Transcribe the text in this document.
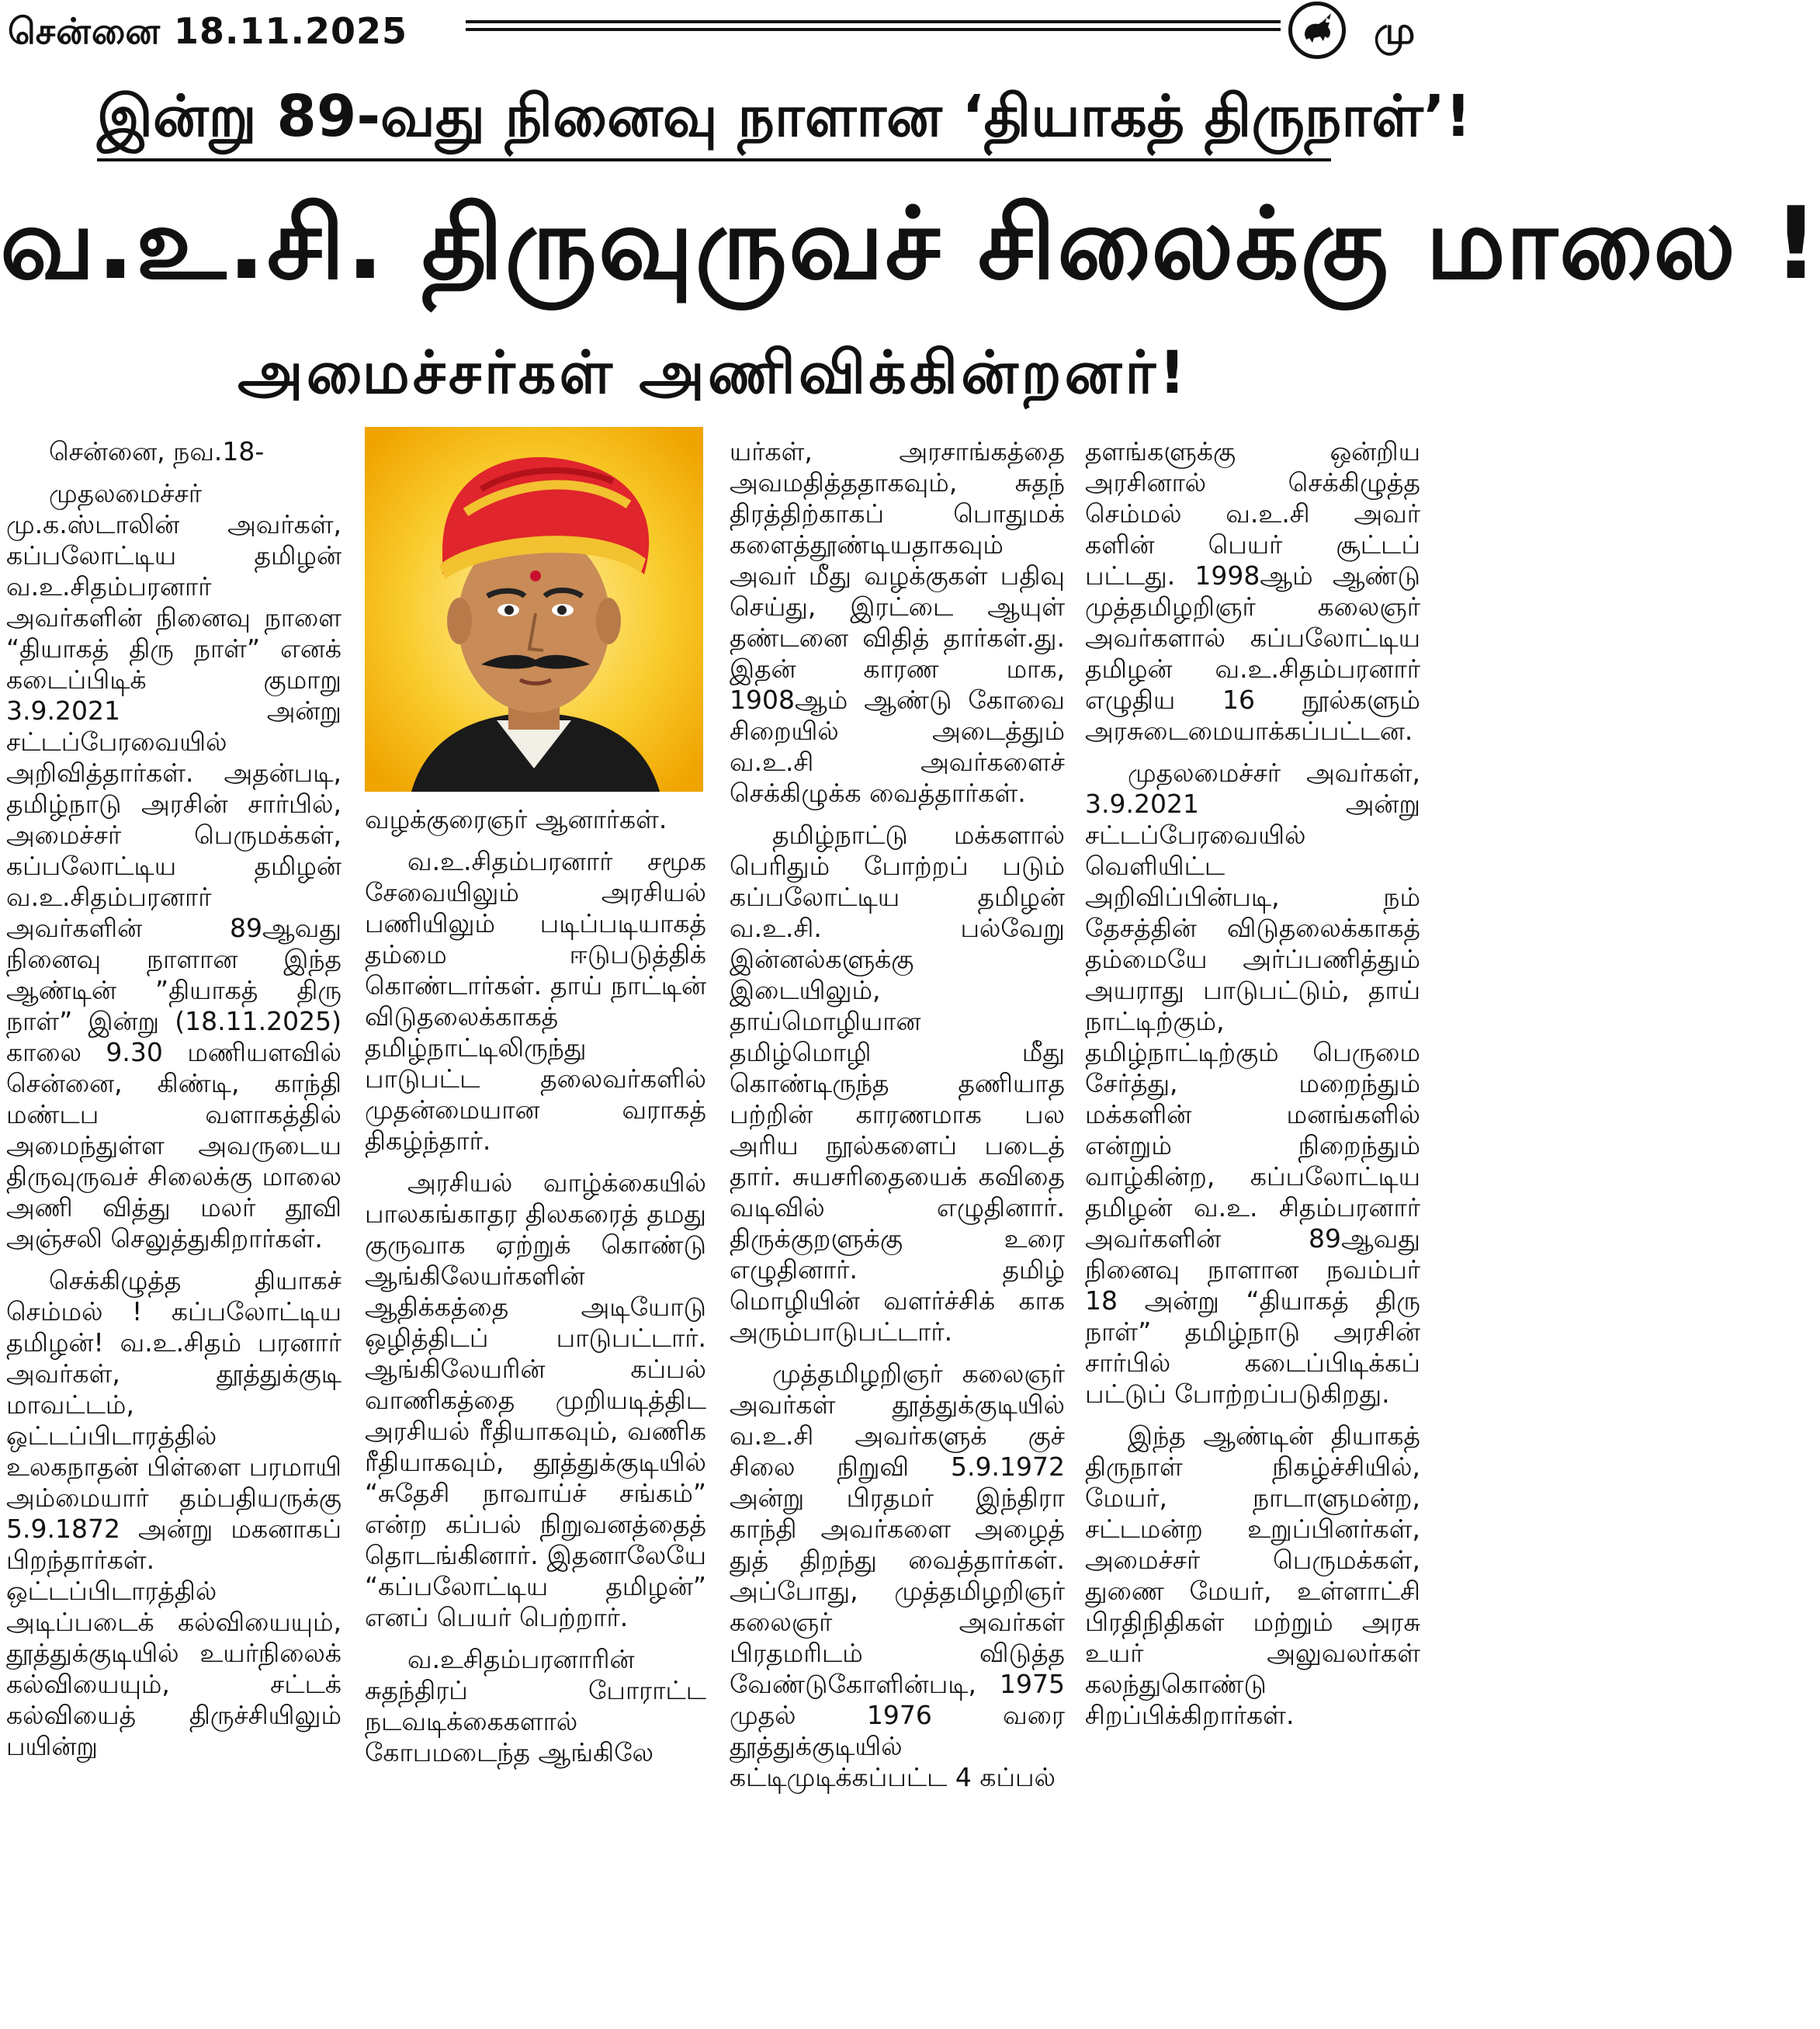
சென்னை 18.11.2025	மு
இன்று 89-வது நினைவு நாளான ‘தியாகத் திருநாள்’!
வ.உ.சி. திருவுருவச் சிலைக்கு மாலை !
அமைச்சர்கள் அணிவிக்கின்றனர்!

சென்னை, நவ.18-

முதலமைச்சர் மு.க.ஸ்டாலின் அவர்கள், கப்பலோட்டிய தமிழன் வ.உ.சிதம்பரனார் அவர்களின் நினைவு நாளை “தியாகத் திரு நாள்” எனக் கடைப்பிடிக் குமாறு 3.9.2021 அன்று சட்டப்பேரவையில் அறிவித்தார்கள். அதன்படி, தமிழ்நாடு அரசின் சார்பில், அமைச்சர் பெருமக்கள், கப்பலோட்டிய தமிழன் வ.உ.சிதம்பரனார் அவர்களின் 89ஆவது நினைவு நாளான இந்த ஆண்டின் ”தியாகத் திரு நாள்” இன்று (18.11.2025) காலை 9.30 மணியளவில் சென்னை, கிண்டி, காந்தி மண்டப வளாகத்தில் அமைந்துள்ள அவருடைய திருவுருவச் சிலைக்கு மாலை அணி வித்து மலர் தூவி அஞ்சலி செலுத்துகிறார்கள்.

செக்கிழுத்த தியாகச் செம்மல் ! கப்பலோட்டிய தமிழன்! வ.உ.சிதம் பரனார் அவர்கள், தூத்துக்குடி மாவட்டம், ஒட்டப்பிடாரத்தில் உலகநாதன் பிள்ளை பரமாயி அம்மையார் தம்பதியருக்கு 5.9.1872 அன்று மகனாகப் பிறந்தார்கள். ஒட்டப்பிடாரத்தில் அடிப்படைக் கல்வியையும், தூத்துக்குடியில் உயர்நிலைக் கல்வியையும், சட்டக் கல்வியைத் திருச்சியிலும் பயின்று

வழக்குரைஞர் ஆனார்கள்.

வ.உ.சிதம்பரனார் சமூக சேவையிலும் அரசியல் பணியிலும் படிப்படியாகத் தம்மை ஈடுபடுத்திக் கொண்டார்கள். தாய் நாட்டின் விடுதலைக்காகத் தமிழ்நாட்டிலிருந்து பாடுபட்ட தலைவர்களில் முதன்மையான வராகத் திகழ்ந்தார்.

அரசியல் வாழ்க்கையில் பாலகங்காதர திலகரைத் தமது குருவாக ஏற்றுக் கொண்டு ஆங்கிலேயர்களின் ஆதிக்கத்தை அடியோடு ஒழித்திடப் பாடுபட்டார். ஆங்கிலேயரின் கப்பல் வாணிகத்தை முறியடித்திட அரசியல் ரீதியாகவும், வணிக ரீதியாகவும், தூத்துக்குடியில் “சுதேசி நாவாய்ச் சங்கம்” என்ற கப்பல் நிறுவனத்தைத் தொடங்கினார். இதனாலேயே “கப்பலோட்டிய தமிழன்” எனப் பெயர் பெற்றார்.

வ.உசிதம்பரனாரின் சுதந்திரப் போராட்ட நடவடிக்கைகளால் கோபமடைந்த ஆங்கிலே

யர்கள், அரசாங்கத்தை அவமதித்ததாகவும், சுதந் திரத்திற்காகப் பொதுமக் களைத்தூண்டியதாகவும் அவர் மீது வழக்குகள் பதிவு செய்து, இரட்டை ஆயுள் தண்டனை விதித் தார்கள்.து. இதன் காரண மாக, 1908ஆம் ஆண்டு கோவை சிறையில் அடைத்தும் வ.உ.சி அவர்களைச் செக்கிழுக்க வைத்தார்கள்.

தமிழ்நாட்டு மக்களால் பெரிதும் போற்றப் படும் கப்பலோட்டிய தமிழன் வ.உ.சி. பல்வேறு இன்னல்களுக்கு இடையிலும், தாய்மொழியான தமிழ்மொழி மீது கொண்டிருந்த தணியாத பற்றின் காரணமாக பல அரிய நூல்களைப் படைத் தார். சுயசரிதையைக் கவிதை வடிவில் எழுதினார். திருக்குறளுக்கு உரை எழுதினார். தமிழ் மொழியின் வளர்ச்சிக் காக அரும்பாடுபட்டார்.

முத்தமிழறிஞர் கலைஞர் அவர்கள் தூத்துக்குடியில் வ.உ.சி அவர்களுக் குச் சிலை நிறுவி 5.9.1972 அன்று பிரதமர் இந்திரா காந்தி அவர்களை அழைத் துத் திறந்து வைத்தார்கள். அப்போது, முத்தமிழறிஞர் கலைஞர் அவர்கள் பிரதமரிடம் விடுத்த வேண்டுகோளின்படி, 1975 முதல் 1976 வரை தூத்துக்குடியில் கட்டிமுடிக்கப்பட்ட 4 கப்பல்

தளங்களுக்கு ஒன்றிய அரசினால் செக்கிழுத்த செம்மல் வ.உ.சி அவர் களின் பெயர் சூட்டப் பட்டது. 1998ஆம் ஆண்டு முத்தமிழறிஞர் கலைஞர் அவர்களால் கப்பலோட்டிய தமிழன் வ.உ.சிதம்பரனார் எழுதிய 16 நூல்களும் அரசுடைமையாக்கப்பட்டன.

முதலமைச்சர் அவர்கள், 3.9.2021 அன்று சட்டப்பேரவையில் வெளியிட்ட அறிவிப்பின்படி, நம் தேசத்தின் விடுதலைக்காகத் தம்மையே அர்ப்பணித்தும் அயராது பாடுபட்டும், தாய் நாட்டிற்கும், தமிழ்நாட்டிற்கும் பெருமை சேர்த்து, மறைந்தும் மக்களின் மனங்களில் என்றும் நிறைந்தும் வாழ்கின்ற, கப்பலோட்டிய தமிழன் வ.உ. சிதம்பரனார் அவர்களின் 89ஆவது நினைவு நாளான நவம்பர் 18 அன்று “தியாகத் திரு நாள்” தமிழ்நாடு அரசின் சார்பில் கடைப்பிடிக்கப் பட்டுப் போற்றப்படுகிறது.

இந்த ஆண்டின் தியாகத் திருநாள் நிகழ்ச்சியில், மேயர், நாடாளுமன்ற, சட்டமன்ற உறுப்பினர்கள், அமைச்சர் பெருமக்கள், துணை மேயர், உள்ளாட்சி பிரதிநிதிகள் மற்றும் அரசு உயர் அலுவலர்கள் கலந்துகொண்டு சிறப்பிக்கிறார்கள்.
